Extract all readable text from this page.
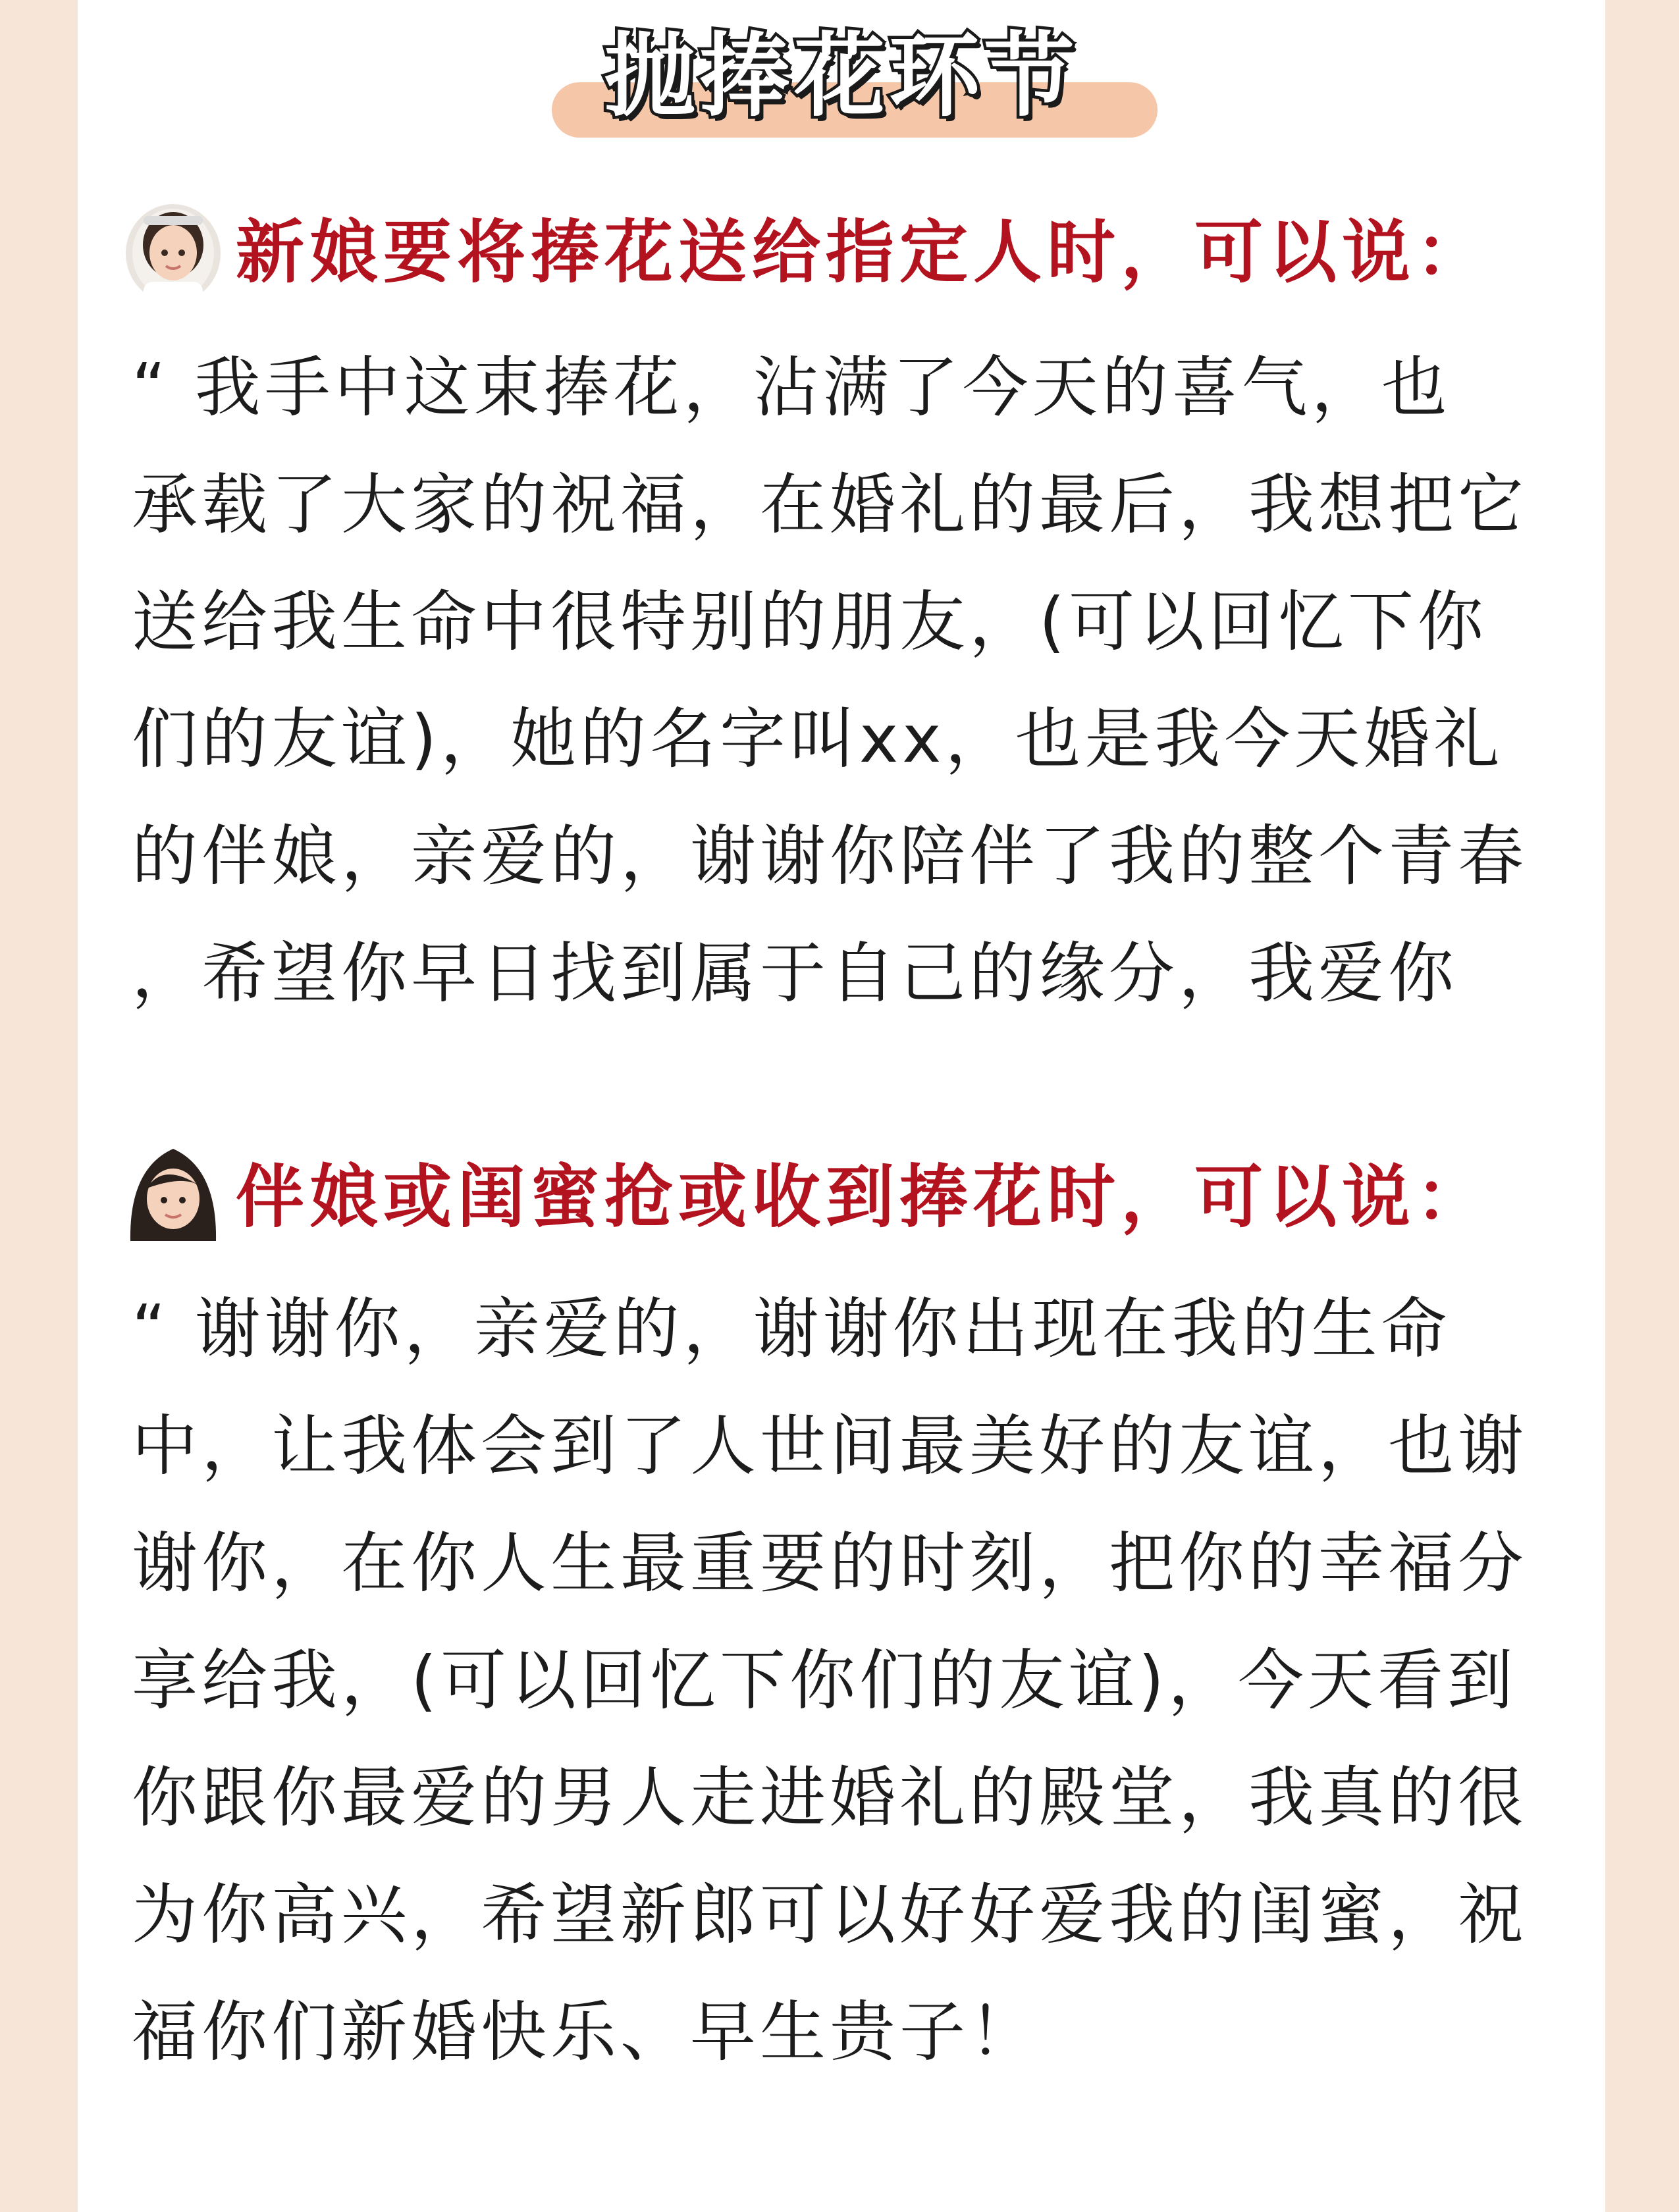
抛捧花环节
新娘要将捧花送给指定人时，可以说：
“ 我手中这束捧花，沾满了今天的喜气，也
承载了大家的祝福，在婚礼的最后，我想把它
送给我生命中很特别的朋友，(可以回忆下你
们的友谊)，她的名字叫xx，也是我今天婚礼
的伴娘，亲爱的，谢谢你陪伴了我的整个青春
，希望你早日找到属于自己的缘分，我爱你
伴娘或闺蜜抢或收到捧花时，可以说：
“ 谢谢你，亲爱的，谢谢你出现在我的生命
中，让我体会到了人世间最美好的友谊，也谢
谢你，在你人生最重要的时刻，把你的幸福分
享给我，(可以回忆下你们的友谊)，今天看到
你跟你最爱的男人走进婚礼的殿堂，我真的很
为你高兴，希望新郎可以好好爱我的闺蜜，祝
福你们新婚快乐、早生贵子！
